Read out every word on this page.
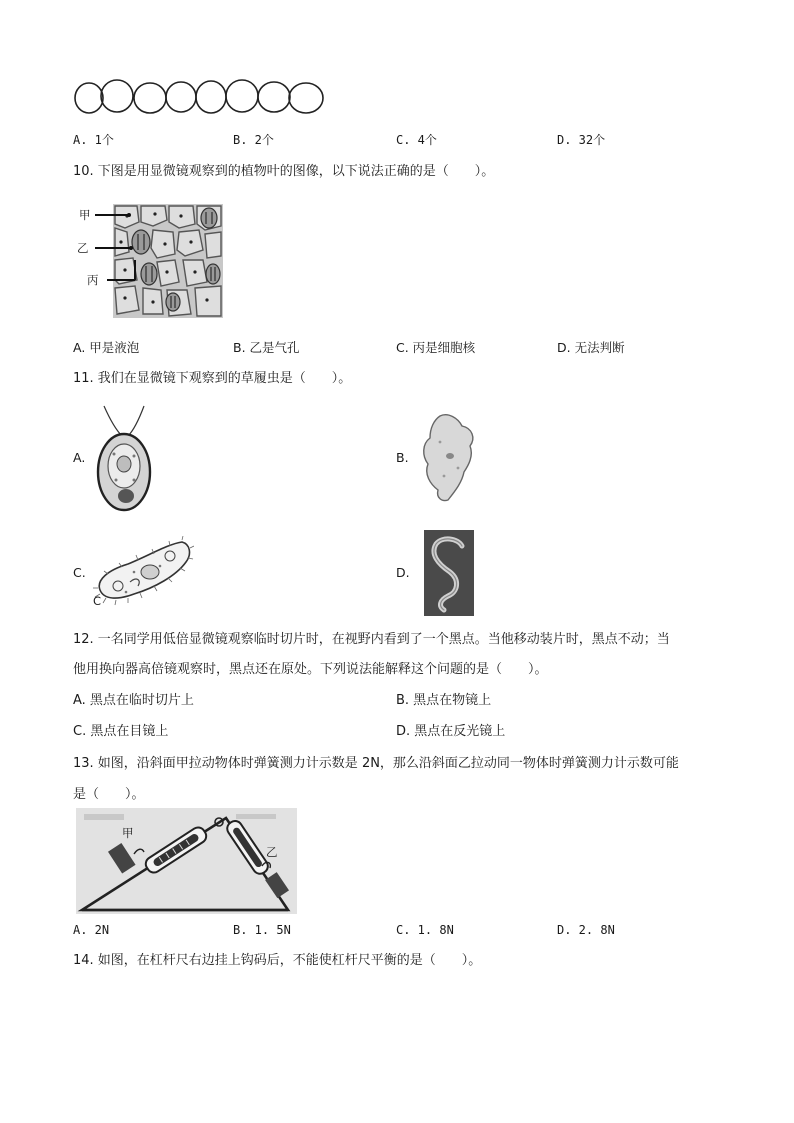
A. 1个	B. 2个	C. 4个	D. 32个
10. 下图是用显微镜观察到的植物叶的图像，以下说法正确的是（　　）。
甲
乙
丙
A. 甲是液泡	B. 乙是气孔	C. 丙是细胞核	D. 无法判断
11. 我们在显微镜下观察到的草履虫是（　　）。
A.	B.
C.
C
D.
12. 一名同学用低倍显微镜观察临时切片时，在视野内看到了一个黑点。当他移动装片时，黑点不动；当
他用换向器高倍镜观察时，黑点还在原处。下列说法能解释这个问题的是（　　）。
A. 黑点在临时切片上	B. 黑点在物镜上
C. 黑点在目镜上	D. 黑点在反光镜上
13. 如图，沿斜面甲拉动物体时弹簧测力计示数是 2N，那么沿斜面乙拉动同一物体时弹簧测力计示数可能
是（　　）。
甲
乙
A. 2N	B. 1. 5N	C. 1. 8N	D. 2. 8N
14. 如图，在杠杆尺右边挂上钩码后，不能使杠杆尺平衡的是（　　）。
